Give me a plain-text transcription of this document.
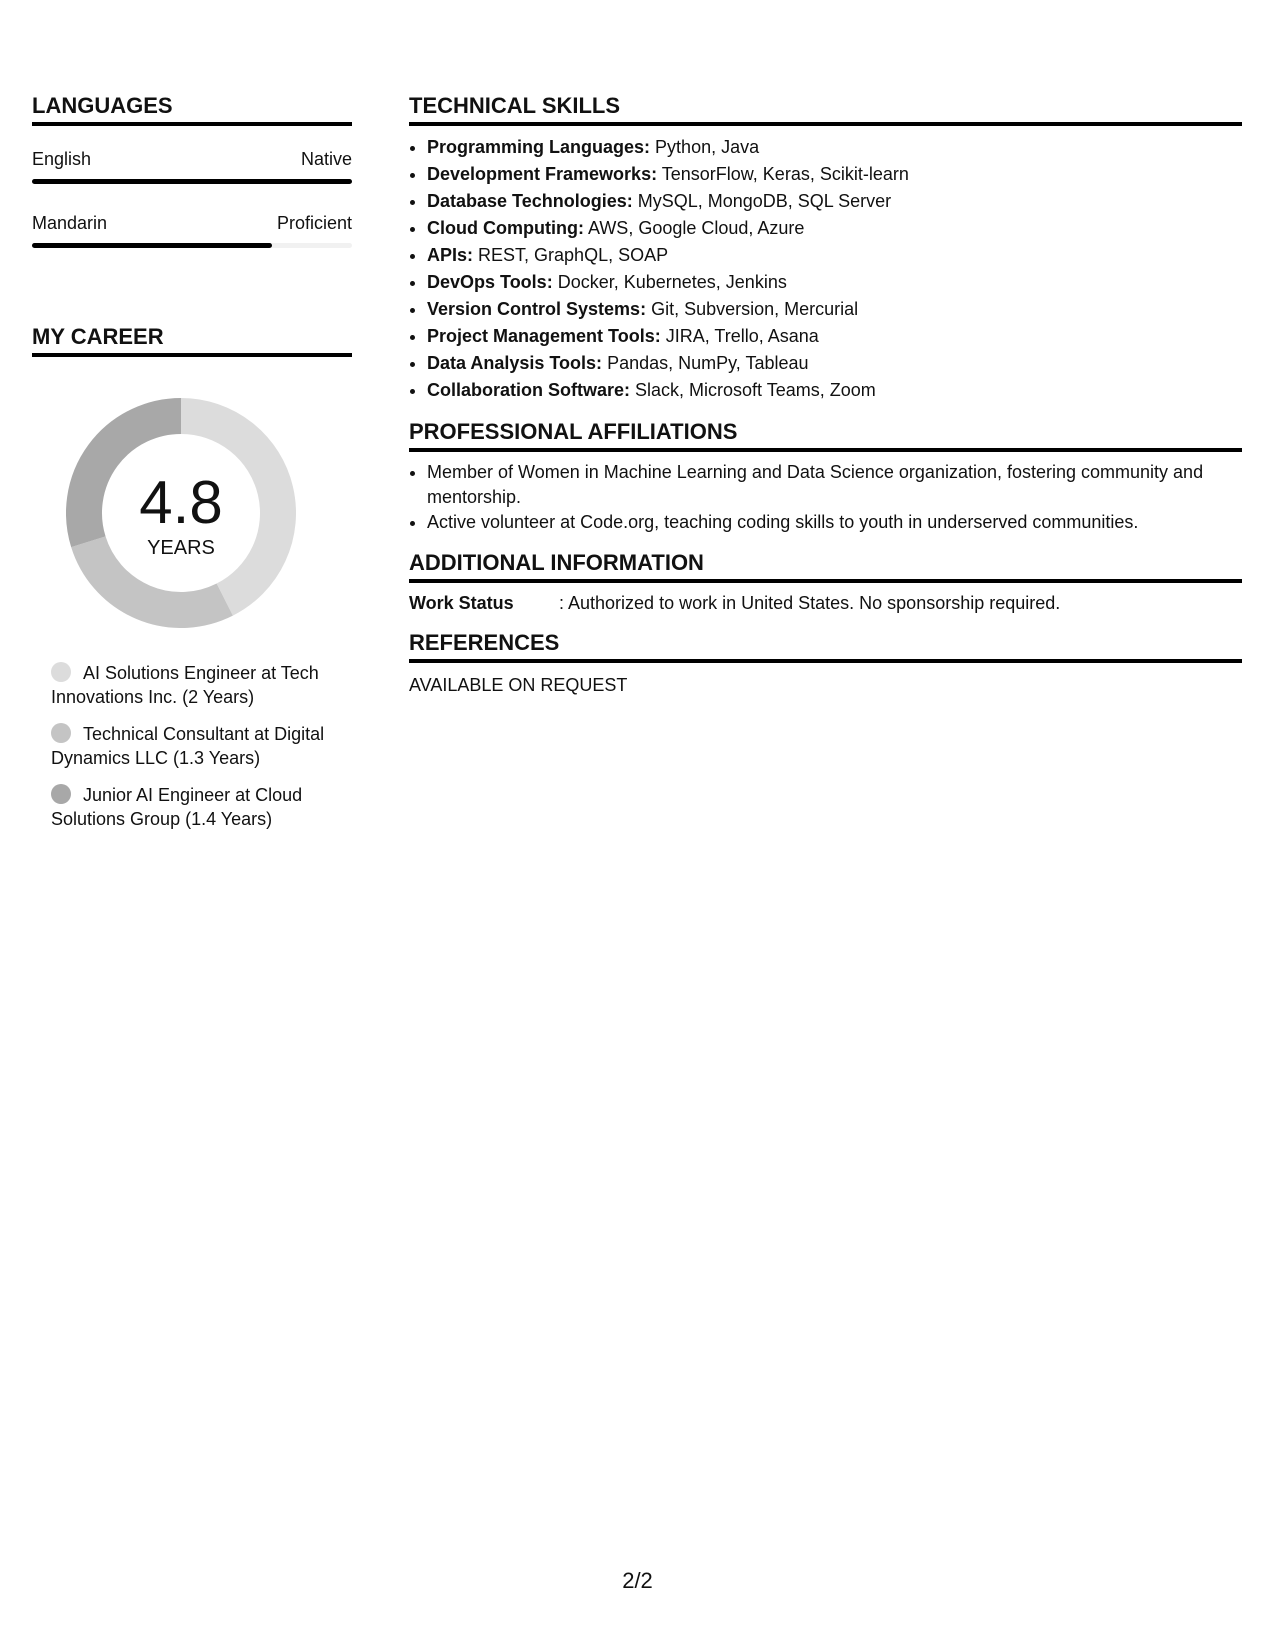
LANGUAGES
English	Native
Mandarin	Proficient
MY CAREER
4.8
YEARS
AI Solutions Engineer at Tech Innovations Inc. (2 Years)
Technical Consultant at Digital Dynamics LLC (1.3 Years)
Junior AI Engineer at Cloud Solutions Group (1.4 Years)
TECHNICAL SKILLS
• Programming Languages: Python, Java
• Development Frameworks: TensorFlow, Keras, Scikit-learn
• Database Technologies: MySQL, MongoDB, SQL Server
• Cloud Computing: AWS, Google Cloud, Azure
• APIs: REST, GraphQL, SOAP
• DevOps Tools: Docker, Kubernetes, Jenkins
• Version Control Systems: Git, Subversion, Mercurial
• Project Management Tools: JIRA, Trello, Asana
• Data Analysis Tools: Pandas, NumPy, Tableau
• Collaboration Software: Slack, Microsoft Teams, Zoom
PROFESSIONAL AFFILIATIONS
• Member of Women in Machine Learning and Data Science organization, fostering community and mentorship.
• Active volunteer at Code.org, teaching coding skills to youth in underserved communities.
ADDITIONAL INFORMATION
Work Status	: Authorized to work in United States. No sponsorship required.
REFERENCES
AVAILABLE ON REQUEST
2/2
